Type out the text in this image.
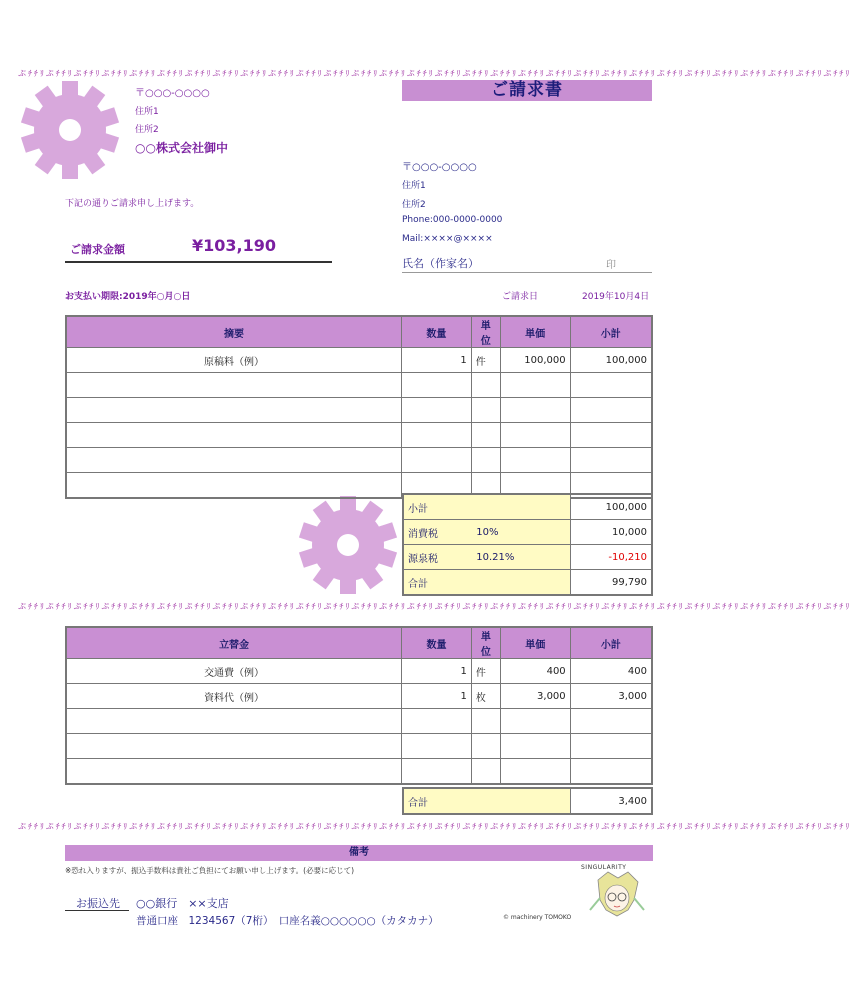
ぷ ﾁ ﾁ ﾘ ぷ ﾁ ﾁ ﾘ ぷ ﾁ ﾁ ﾘ ぷ ﾁ ﾁ ﾘ ぷ ﾁ ﾁ ﾘ ぷ ﾁ ﾁ ﾘ ぷ ﾁ ﾁ ﾘ ぷ ﾁ ﾁ ﾘ ぷ ﾁ ﾁ ﾘ ぷ ﾁ ﾁ ﾘ ぷ ﾁ ﾁ ﾘ ぷ ﾁ ﾁ ﾘ ぷ ﾁ ﾁ ﾘ ぷ ﾁ ﾁ ﾘ ぷ ﾁ ﾁ ﾘ ぷ ﾁ ﾁ ﾘ ぷ ﾁ ﾁ ﾘ ぷ ﾁ ﾁ ﾘ ぷ ﾁ ﾁ ﾘ ぷ ﾁ ﾁ ﾘ ぷ ﾁ ﾁ ﾘ ぷ ﾁ ﾁ ﾘ ぷ ﾁ ﾁ ﾘ ぷ ﾁ ﾁ ﾘ ぷ ﾁ ﾁ ﾘ ぷ ﾁ ﾁ ﾘ ぷ ﾁ ﾁ ﾘ ぷ ﾁ ﾁ ﾘ ぷ ﾁ ﾁ ﾘ ぷ ﾁ ﾁ ﾘ
ぷ ﾁ ﾁ ﾘ ぷ ﾁ ﾁ ﾘ ぷ ﾁ ﾁ ﾘ ぷ ﾁ ﾁ ﾘ ぷ ﾁ ﾁ ﾘ ぷ ﾁ ﾁ ﾘ ぷ ﾁ ﾁ ﾘ ぷ ﾁ ﾁ ﾘ ぷ ﾁ ﾁ ﾘ ぷ ﾁ ﾁ ﾘ ぷ ﾁ ﾁ ﾘ ぷ ﾁ ﾁ ﾘ ぷ ﾁ ﾁ ﾘ ぷ ﾁ ﾁ ﾘ ぷ ﾁ ﾁ ﾘ ぷ ﾁ ﾁ ﾘ ぷ ﾁ ﾁ ﾘ ぷ ﾁ ﾁ ﾘ ぷ ﾁ ﾁ ﾘ ぷ ﾁ ﾁ ﾘ ぷ ﾁ ﾁ ﾘ ぷ ﾁ ﾁ ﾘ ぷ ﾁ ﾁ ﾘ ぷ ﾁ ﾁ ﾘ ぷ ﾁ ﾁ ﾘ ぷ ﾁ ﾁ ﾘ ぷ ﾁ ﾁ ﾘ ぷ ﾁ ﾁ ﾘ ぷ ﾁ ﾁ ﾘ ぷ ﾁ ﾁ ﾘ
ぷ ﾁ ﾁ ﾘ ぷ ﾁ ﾁ ﾘ ぷ ﾁ ﾁ ﾘ ぷ ﾁ ﾁ ﾘ ぷ ﾁ ﾁ ﾘ ぷ ﾁ ﾁ ﾘ ぷ ﾁ ﾁ ﾘ ぷ ﾁ ﾁ ﾘ ぷ ﾁ ﾁ ﾘ ぷ ﾁ ﾁ ﾘ ぷ ﾁ ﾁ ﾘ ぷ ﾁ ﾁ ﾘ ぷ ﾁ ﾁ ﾘ ぷ ﾁ ﾁ ﾘ ぷ ﾁ ﾁ ﾘ ぷ ﾁ ﾁ ﾘ ぷ ﾁ ﾁ ﾘ ぷ ﾁ ﾁ ﾘ ぷ ﾁ ﾁ ﾘ ぷ ﾁ ﾁ ﾘ ぷ ﾁ ﾁ ﾘ ぷ ﾁ ﾁ ﾘ ぷ ﾁ ﾁ ﾘ ぷ ﾁ ﾁ ﾘ ぷ ﾁ ﾁ ﾘ ぷ ﾁ ﾁ ﾘ ぷ ﾁ ﾁ ﾘ ぷ ﾁ ﾁ ﾘ ぷ ﾁ ﾁ ﾘ ぷ ﾁ ﾁ ﾘ
ご請求書
〒○○○-○○○○
住所1
住所2
○○株式会社御中
下記の通りご請求申し上げます。
ご請求金額	¥103,190
〒○○○-○○○○
住所1
住所2
Phone:000-0000-0000
Mail:××××@××××
氏名（作家名）	印
お支払い期限:2019年○月○日	ご請求日	2019年10月4日
摘要	数量	単位	単価	小計
原稿料（例）	1	件	100,000	100,000

小計		100,000
消費税	10%	10,000
源泉税	10.21%	-10,210
合計		99,790
立替金	数量	単位	単価	小計
交通費（例）	1	件	400	400
資料代（例）	1	枚	3,000	3,000

合計	3,400
備考
※恐れ入りますが、振込手数料は貴社ご負担にてお願い申し上げます。(必要に応じて)
お振込先 ○○銀行　××支店
普通口座　1234567（7桁）　口座名義○○○○○○（カタカナ）
SINGULARITY
© machinery TOMOKO
